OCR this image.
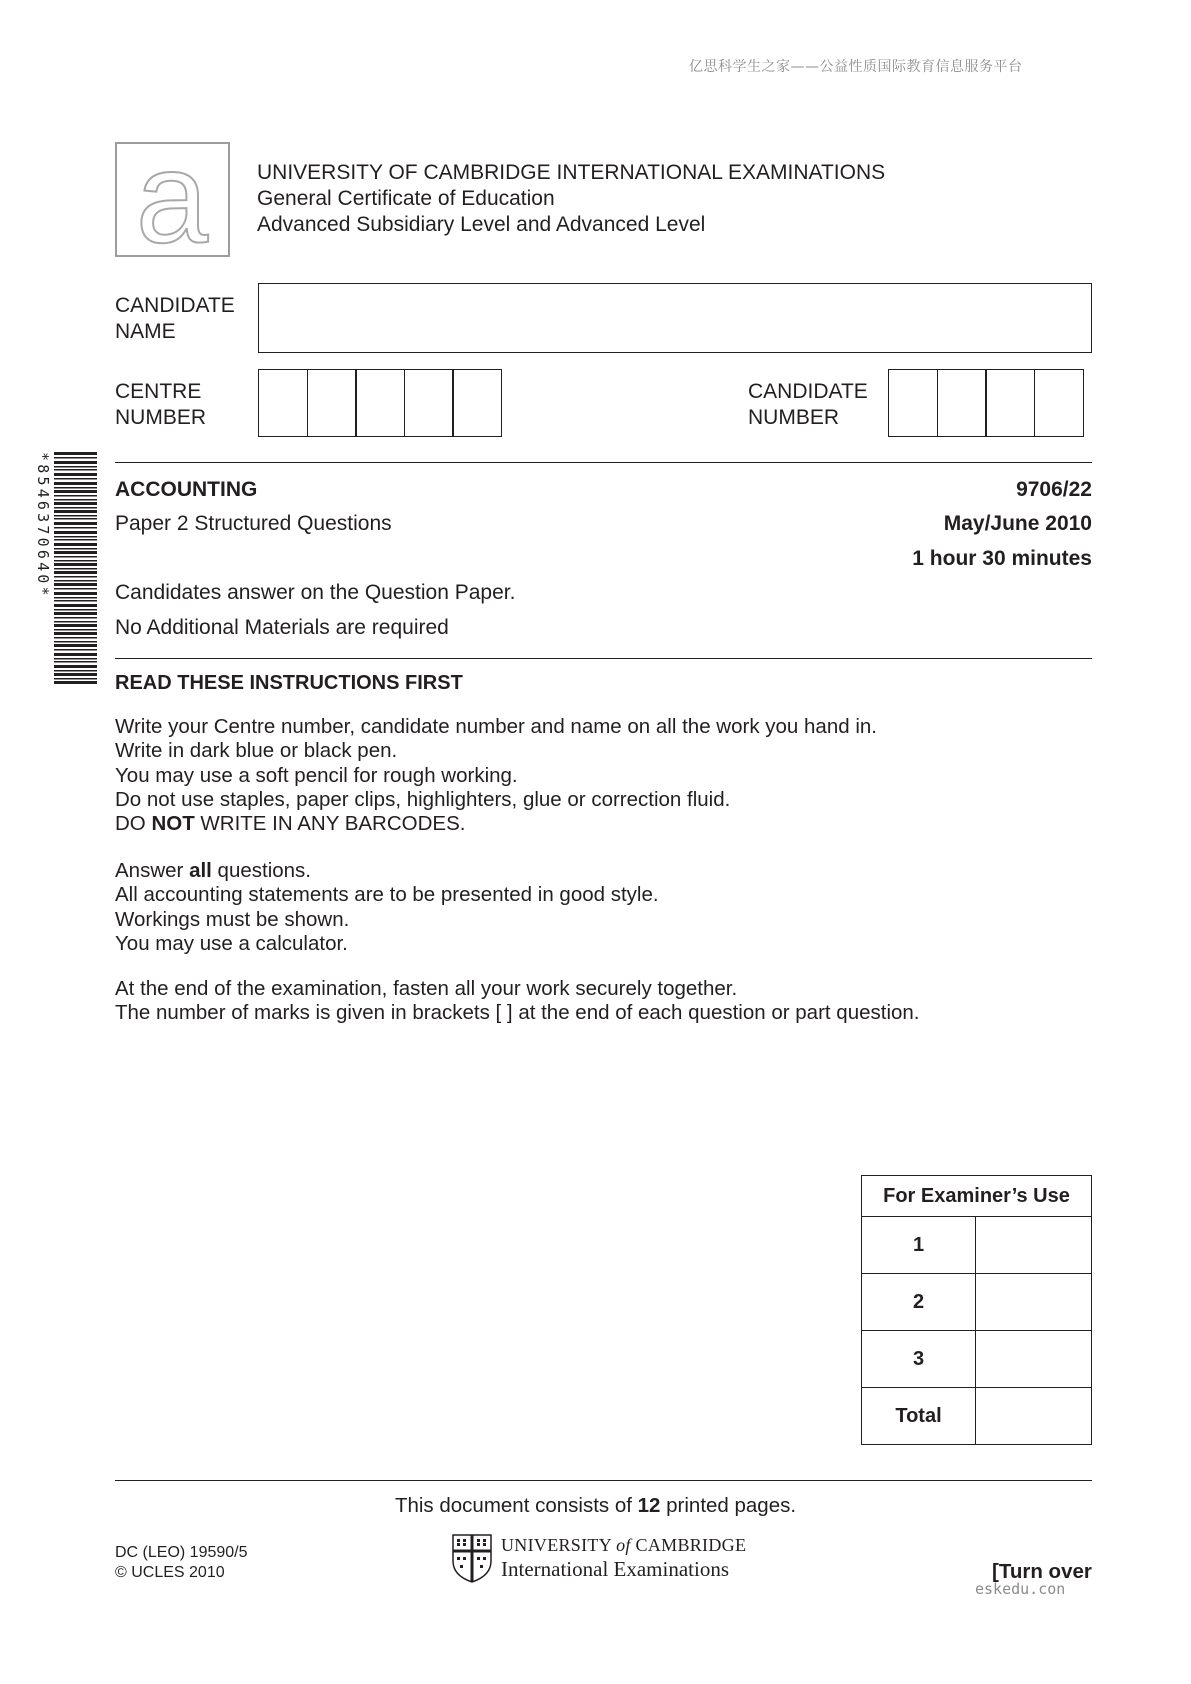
亿思科学生之家——公益性质国际教育信息服务平台
a UNIVERSITY OF CAMBRIDGE INTERNATIONAL EXAMINATIONS
General Certificate of Education
Advanced Subsidiary Level and Advanced Level
CANDIDATE
NAME
CENTRE
NUMBER
CANDIDATE
NUMBER
*8546370640*	ACCOUNTING	9706/22
Paper 2 Structured Questions	May/June 2010
1 hour 30 minutes
Candidates answer on the Question Paper.
No Additional Materials are required
READ THESE INSTRUCTIONS FIRST

Write your Centre number, candidate number and name on all the work you hand in.

Write in dark blue or black pen.

You may use a soft pencil for rough working.

Do not use staples, paper clips, highlighters, glue or correction fluid.

DO NOT WRITE IN ANY BARCODES.

Answer all questions.

All accounting statements are to be presented in good style.

Workings must be shown.

You may use a calculator.

At the end of the examination, fasten all your work securely together.

The number of marks is given in brackets [ ] at the end of each question or part question.

For Examiner’s Use	
1	
2	
3	
Total	
This document consists of 12 printed pages.
DC (LEO) 19590/5
© UCLES 2010
UNIVERSITY of CAMBRIDGE
International Examinations	[Turn over
eskedu.con
